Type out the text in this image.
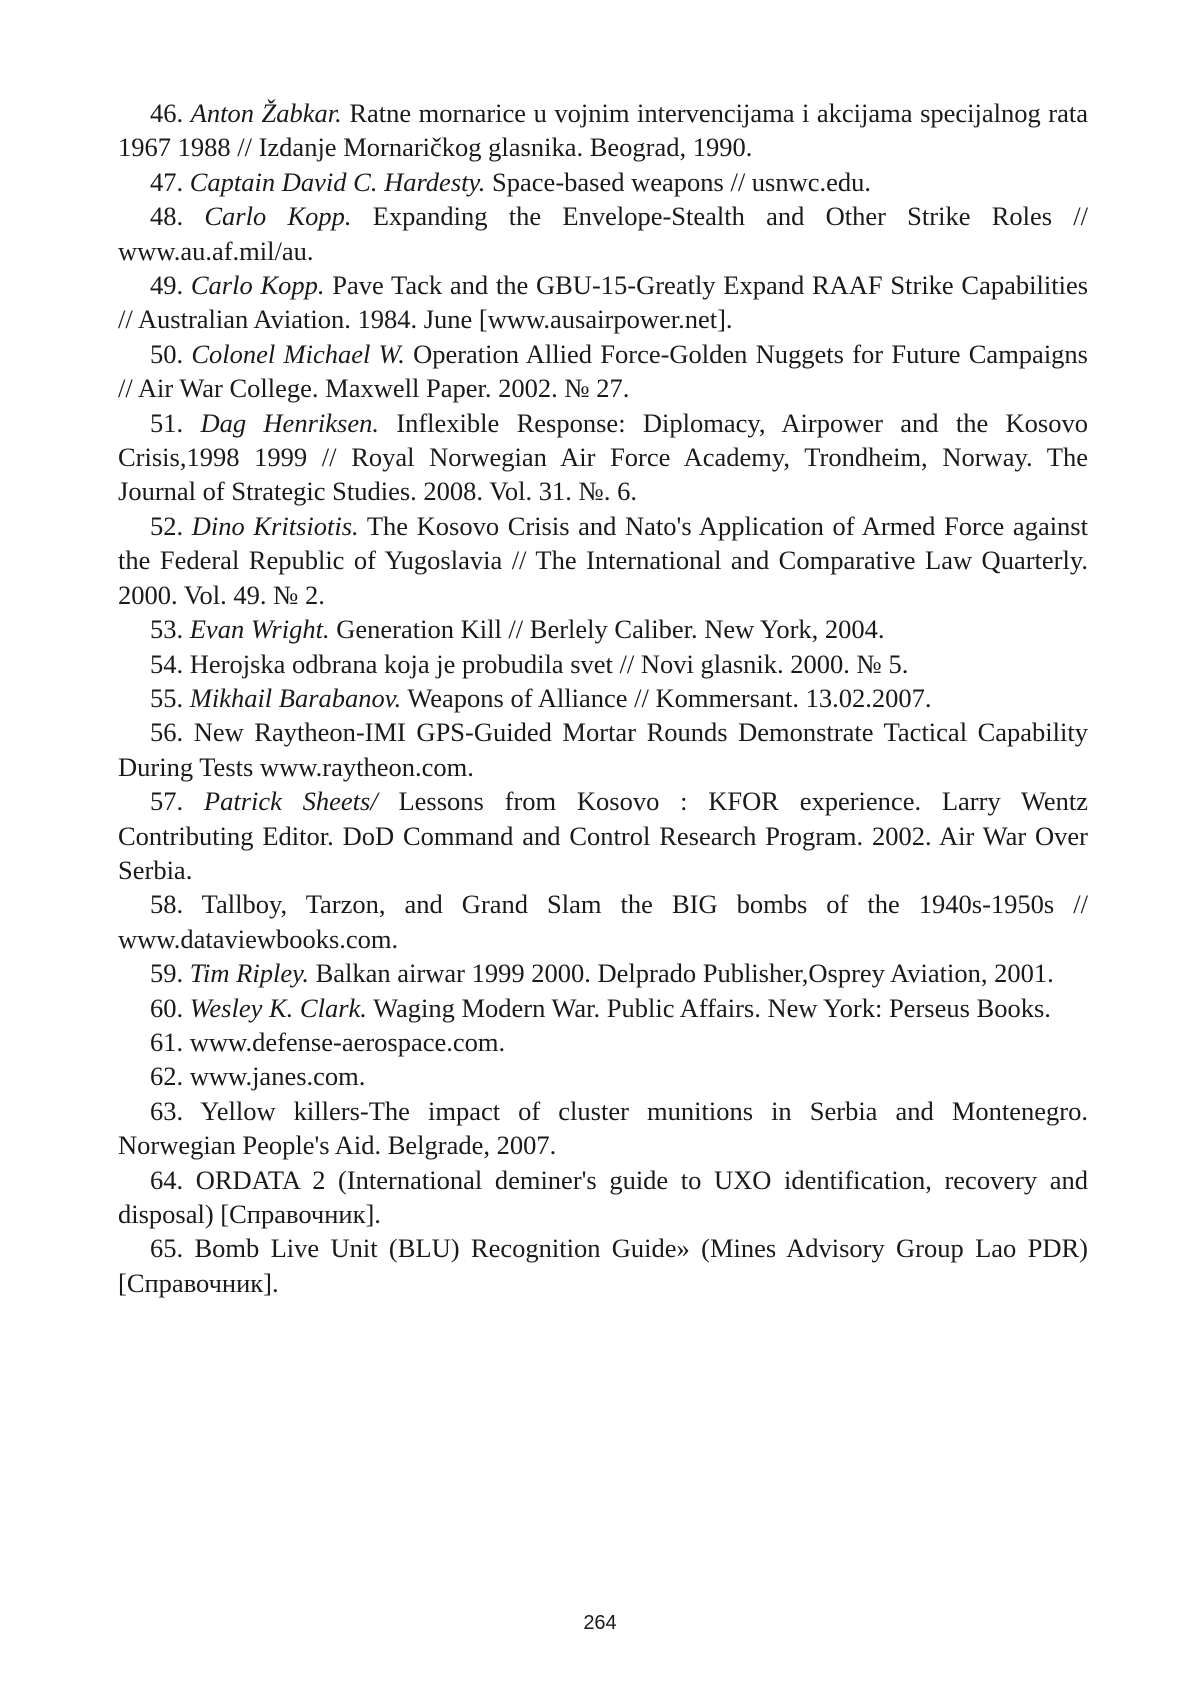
46. Anton Žabkar. Ratne mornarice u vojnim intervencijama i akcijama specijalnog rata 1967 1988 // Izdanje Mornaričkog glasnika. Beograd, 1990.

47. Captain David C. Hardesty. Space-based weapons // usnwc.edu.

48. Carlo Kopp. Expanding the Envelope-Stealth and Other Strike Roles // www.au.af.mil/au.

49. Carlo Kopp. Pave Tack and the GBU-15-Greatly Expand RAAF Strike Capabilities // Australian Aviation. 1984. June [www.ausairpower.net].

50. Colonel Michael W. Operation Allied Force-Golden Nuggets for Future Campaigns // Air War College. Maxwell Paper. 2002. № 27.

51. Dag Henriksen. Inflexible Response: Diplomacy, Airpower and the Kosovo Crisis,1998 1999 // Royal Norwegian Air Force Academy, Trondheim, Norway. The Journal of Strategic Studies. 2008. Vol. 31. №. 6.

52. Dino Kritsiotis. The Kosovo Crisis and Nato's Application of Armed Force against the Federal Republic of Yugoslavia // The International and Comparative Law Quarterly. 2000. Vol. 49. № 2.

53. Evan Wright. Generation Kill // Berlely Caliber. New York, 2004.

54. Herojska odbrana koja je probudila svet // Novi glasnik. 2000. № 5.

55. Mikhail Barabanov. Weapons of Alliance // Kommersant. 13.02.2007.

56. New Raytheon-IMI GPS-Guided Mortar Rounds Demonstrate Tactical Capability During Tests www.raytheon.com.

57. Patrick Sheets/ Lessons from Kosovo : KFOR experience. Larry Wentz Contributing Editor. DoD Command and Control Research Program. 2002. Air War Over Serbia.

58. Tallboy, Tarzon, and Grand Slam the BIG bombs of the 1940s-1950s // www.dataviewbooks.com.

59. Tim Ripley. Balkan airwar 1999 2000. Delprado Publisher,Osprey Aviation, 2001.

60. Wesley K. Clark. Waging Modern War. Public Affairs. New York: Perseus Books.

61. www.defense-aerospace.com.

62. www.janes.com.

63. Yellow killers-The impact of cluster munitions in Serbia and Montenegro. Norwegian People's Aid. Belgrade, 2007.

64. ORDATA 2 (International deminer's guide to UXO identification, recovery and disposal) [Справочник].

65. Bomb Live Unit (BLU) Recognition Guide» (Mines Advisory Group Lao PDR) [Справочник].

264
